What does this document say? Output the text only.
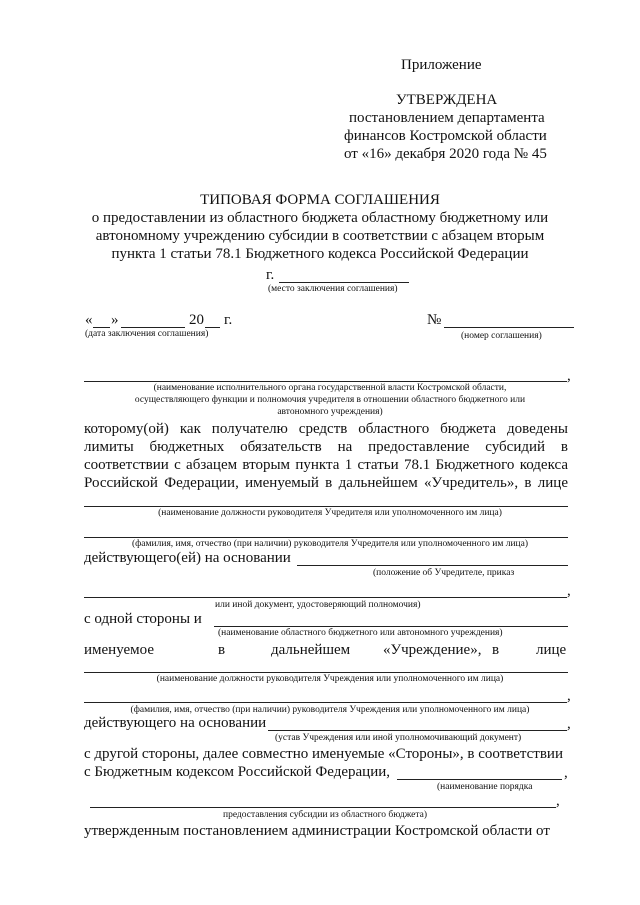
Приложение
УТВЕРЖДЕНА
постановлением департамента
финансов Костромской области
от «16» декабря 2020 года № 45
ТИПОВАЯ ФОРМА СОГЛАШЕНИЯ
о предоставлении из областного бюджета областному бюджетному или
автономному учреждению субсидии в соответствии с абзацем вторым
пункта 1 статьи 78.1 Бюджетного кодекса Российской Федерации
г.
(место заключения соглашения)
« »	20 г.
(дата заключения соглашения)
№
(номер соглашения)
,
(наименование исполнительного органа государственной власти Костромской области,
осуществляющего функции и полномочия учредителя в отношении областного бюджетного или
автономного учреждения)
которому(ой) как получателю средств областного бюджета доведены
лимиты бюджетных обязательств на предоставление субсидий в
соответствии с абзацем вторым пункта 1 статьи 78.1 Бюджетного кодекса
Российской Федерации, именуемый в дальнейшем «Учредитель», в лице
(наименование должности руководителя Учредителя или уполномоченного им лица)
(фамилия, имя, отчество (при наличии) руководителя Учредителя или уполномоченного им лица)
действующего(ей) на основании
(положение об Учредителе, приказ
,
или иной документ, удостоверяющий полномочия)
с одной стороны и
(наименование областного бюджетного или автономного учреждения)
именуемое	в	дальнейшем «Учреждение», в лице
(наименование должности руководителя Учреждения или уполномоченного им лица)
,
(фамилия, имя, отчество (при наличии) руководителя Учреждения или уполномоченного им лица)
действующего на основании	,
(устав Учреждения или иной уполномочивающий документ)
с другой стороны, далее совместно именуемые «Стороны», в соответствии
с Бюджетным кодексом Российской Федерации,	,
(наименование порядка
,
предоставления субсидии из областного бюджета)
утвержденным постановлением администрации Костромской области от
